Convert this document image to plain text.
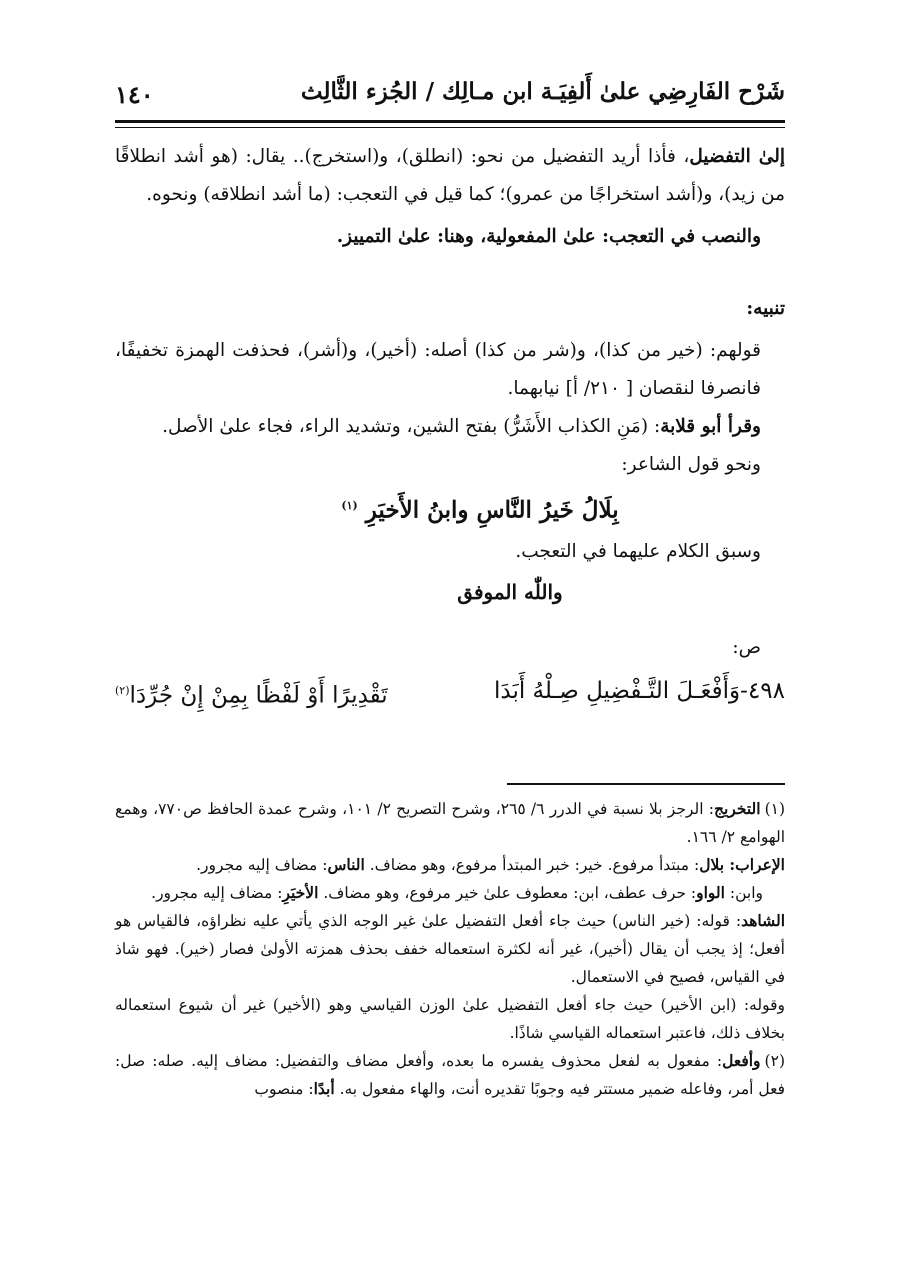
شَرْح الفَارِضِي علىٰ أَلفِيَـة ابن مـالِك / الجُزء الثَّالِث
١٤٠

إلىٰ التفضيل، فأذا أريد التفضيل من نحو: (انطلق)، و(استخرج).. يقال: (هو أشد انطلاقًا من زيد)، و(أشد استخراجًا من عمرو)؛ كما قيل في التعجب: (ما أشد انطلاقه) ونحوه.

والنصب في التعجب: علىٰ المفعولية، وهنا: علىٰ التمييز.

تنبيه:

قولهم: (خير من كذا)، و(شر من كذا) أصله: (أخير)، و(أشر)، فحذفت الهمزة تخفيفًا، فانصرفا لنقصان [ ٢١٠/ أ] نيابهما.

وقرأ أبو قلابة: (مَنِ الكذاب الأَشَرُّ) بفتح الشين، وتشديد الراء، فجاء علىٰ الأصل.

ونحو قول الشاعر:

بِلَالُ خَيرُ النَّاسِ وابنُ الأَخيَرِ $^{(١)}$

وسبق الكلام عليهما في التعجب.

واللّٰه الموفق

ص:

٤٩٨-وَأَفْعَـلَ التَّـفْضِيلِ صِـلْهُ أَبَدَا
تَقْدِيرًا أَوْ لَفْظًا بِمِنْ إِنْ جُرِّدَا$^{(٢)}$

(١)التخريج: الرجز بلا نسبة في الدرر ٦/ ٢٦٥، وشرح التصريح ٢/ ١٠١، وشرح عمدة الحافظ ص٧٧٠، وهمع الهوامع ٢/ ١٦٦.

الإعراب: بلال: مبتدأ مرفوع. خير: خبر المبتدأ مرفوع، وهو مضاف. الناس: مضاف إليه مجرور.

وابن: الواو: حرف عطف، ابن: معطوف علىٰ خير مرفوع، وهو مضاف. الأخيَرِ: مضاف إليه مجرور.

الشاهد: قوله: (خير الناس) حيث جاء أفعل التفضيل علىٰ غير الوجه الذي يأتي عليه نظراؤه، فالقياس هو أفعل؛ إذ يجب أن يقال (أخير)، غير أنه لكثرة استعماله خفف بحذف همزته الأولىٰ فصار (خير). فهو شاذ في القياس، فصيح في الاستعمال.

وقوله: (ابن الأخير) حيث جاء أفعل التفضيل علىٰ الوزن القياسي وهو (الأخير) غير أن شيوع استعماله بخلاف ذلك، فاعتبر استعماله القياسي شاذًا.

(٢)وأفعل: مفعول به لفعل محذوف يفسره ما بعده، وأفعل مضاف والتفضيل: مضاف إليه. صله: صل: فعل أمر، وفاعله ضمير مستتر فيه وجوبًا تقديره أنت، والهاء مفعول به. أبدًا: منصوب
